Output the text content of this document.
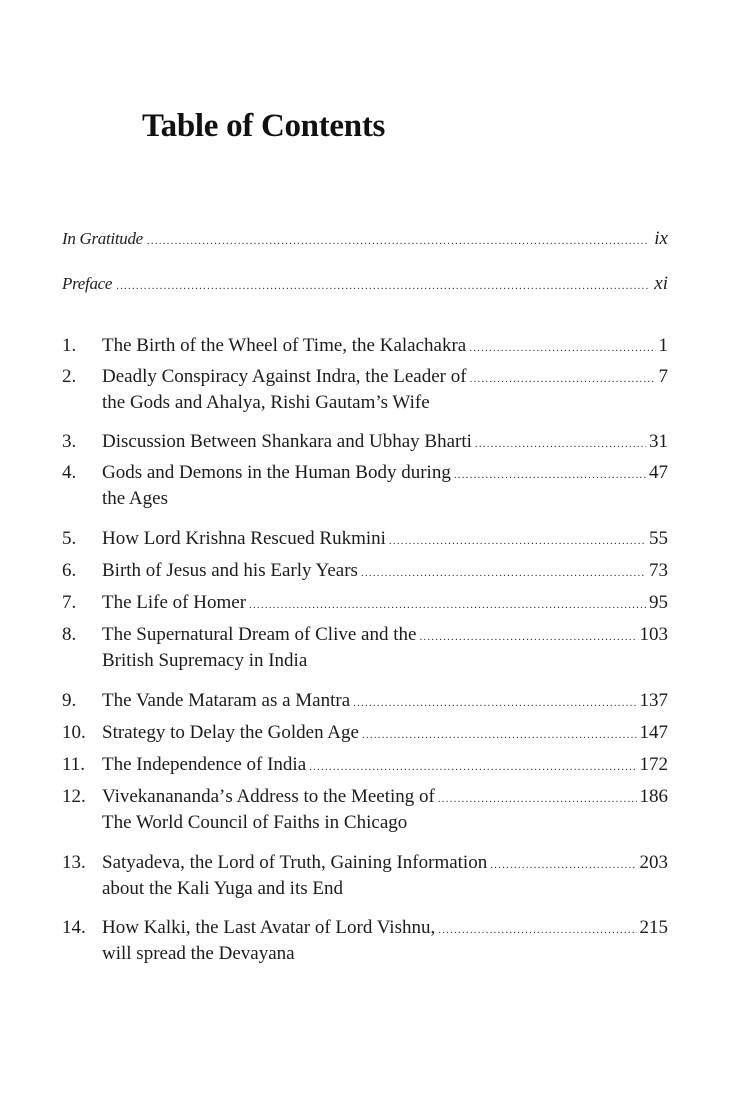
Table of Contents
In Gratitude .....	ix
Preface .....	xi
1.	The Birth of the Wheel of Time, the Kalachakra .....	1
2.	Deadly Conspiracy Against Indra, the Leader of .....	7
the Gods and Ahalya, Rishi Gautam’s Wife
3.	Discussion Between Shankara and Ubhay Bharti .....	31
4.	Gods and Demons in the Human Body during .....	47
the Ages
5.	How Lord Krishna Rescued Rukmini .....	55
6.	Birth of Jesus and his Early Years .....	73
7.	The Life of Homer .....	95
8.	The Supernatural Dream of Clive and the .....	103
British Supremacy in India
9.	The Vande Mataram as a Mantra .....	137
10. Strategy to Delay the Golden Age .....	147
11. The Independence of India .....	172
12. Vivekananandaʼs Address to the Meeting of .....	186
The World Council of Faiths in Chicago
13. Satyadeva, the Lord of Truth, Gaining Information .....	203
about the Kali Yuga and its End
14. How Kalki, the Last Avatar of Lord Vishnu, .....	215
will spread the Devayana
